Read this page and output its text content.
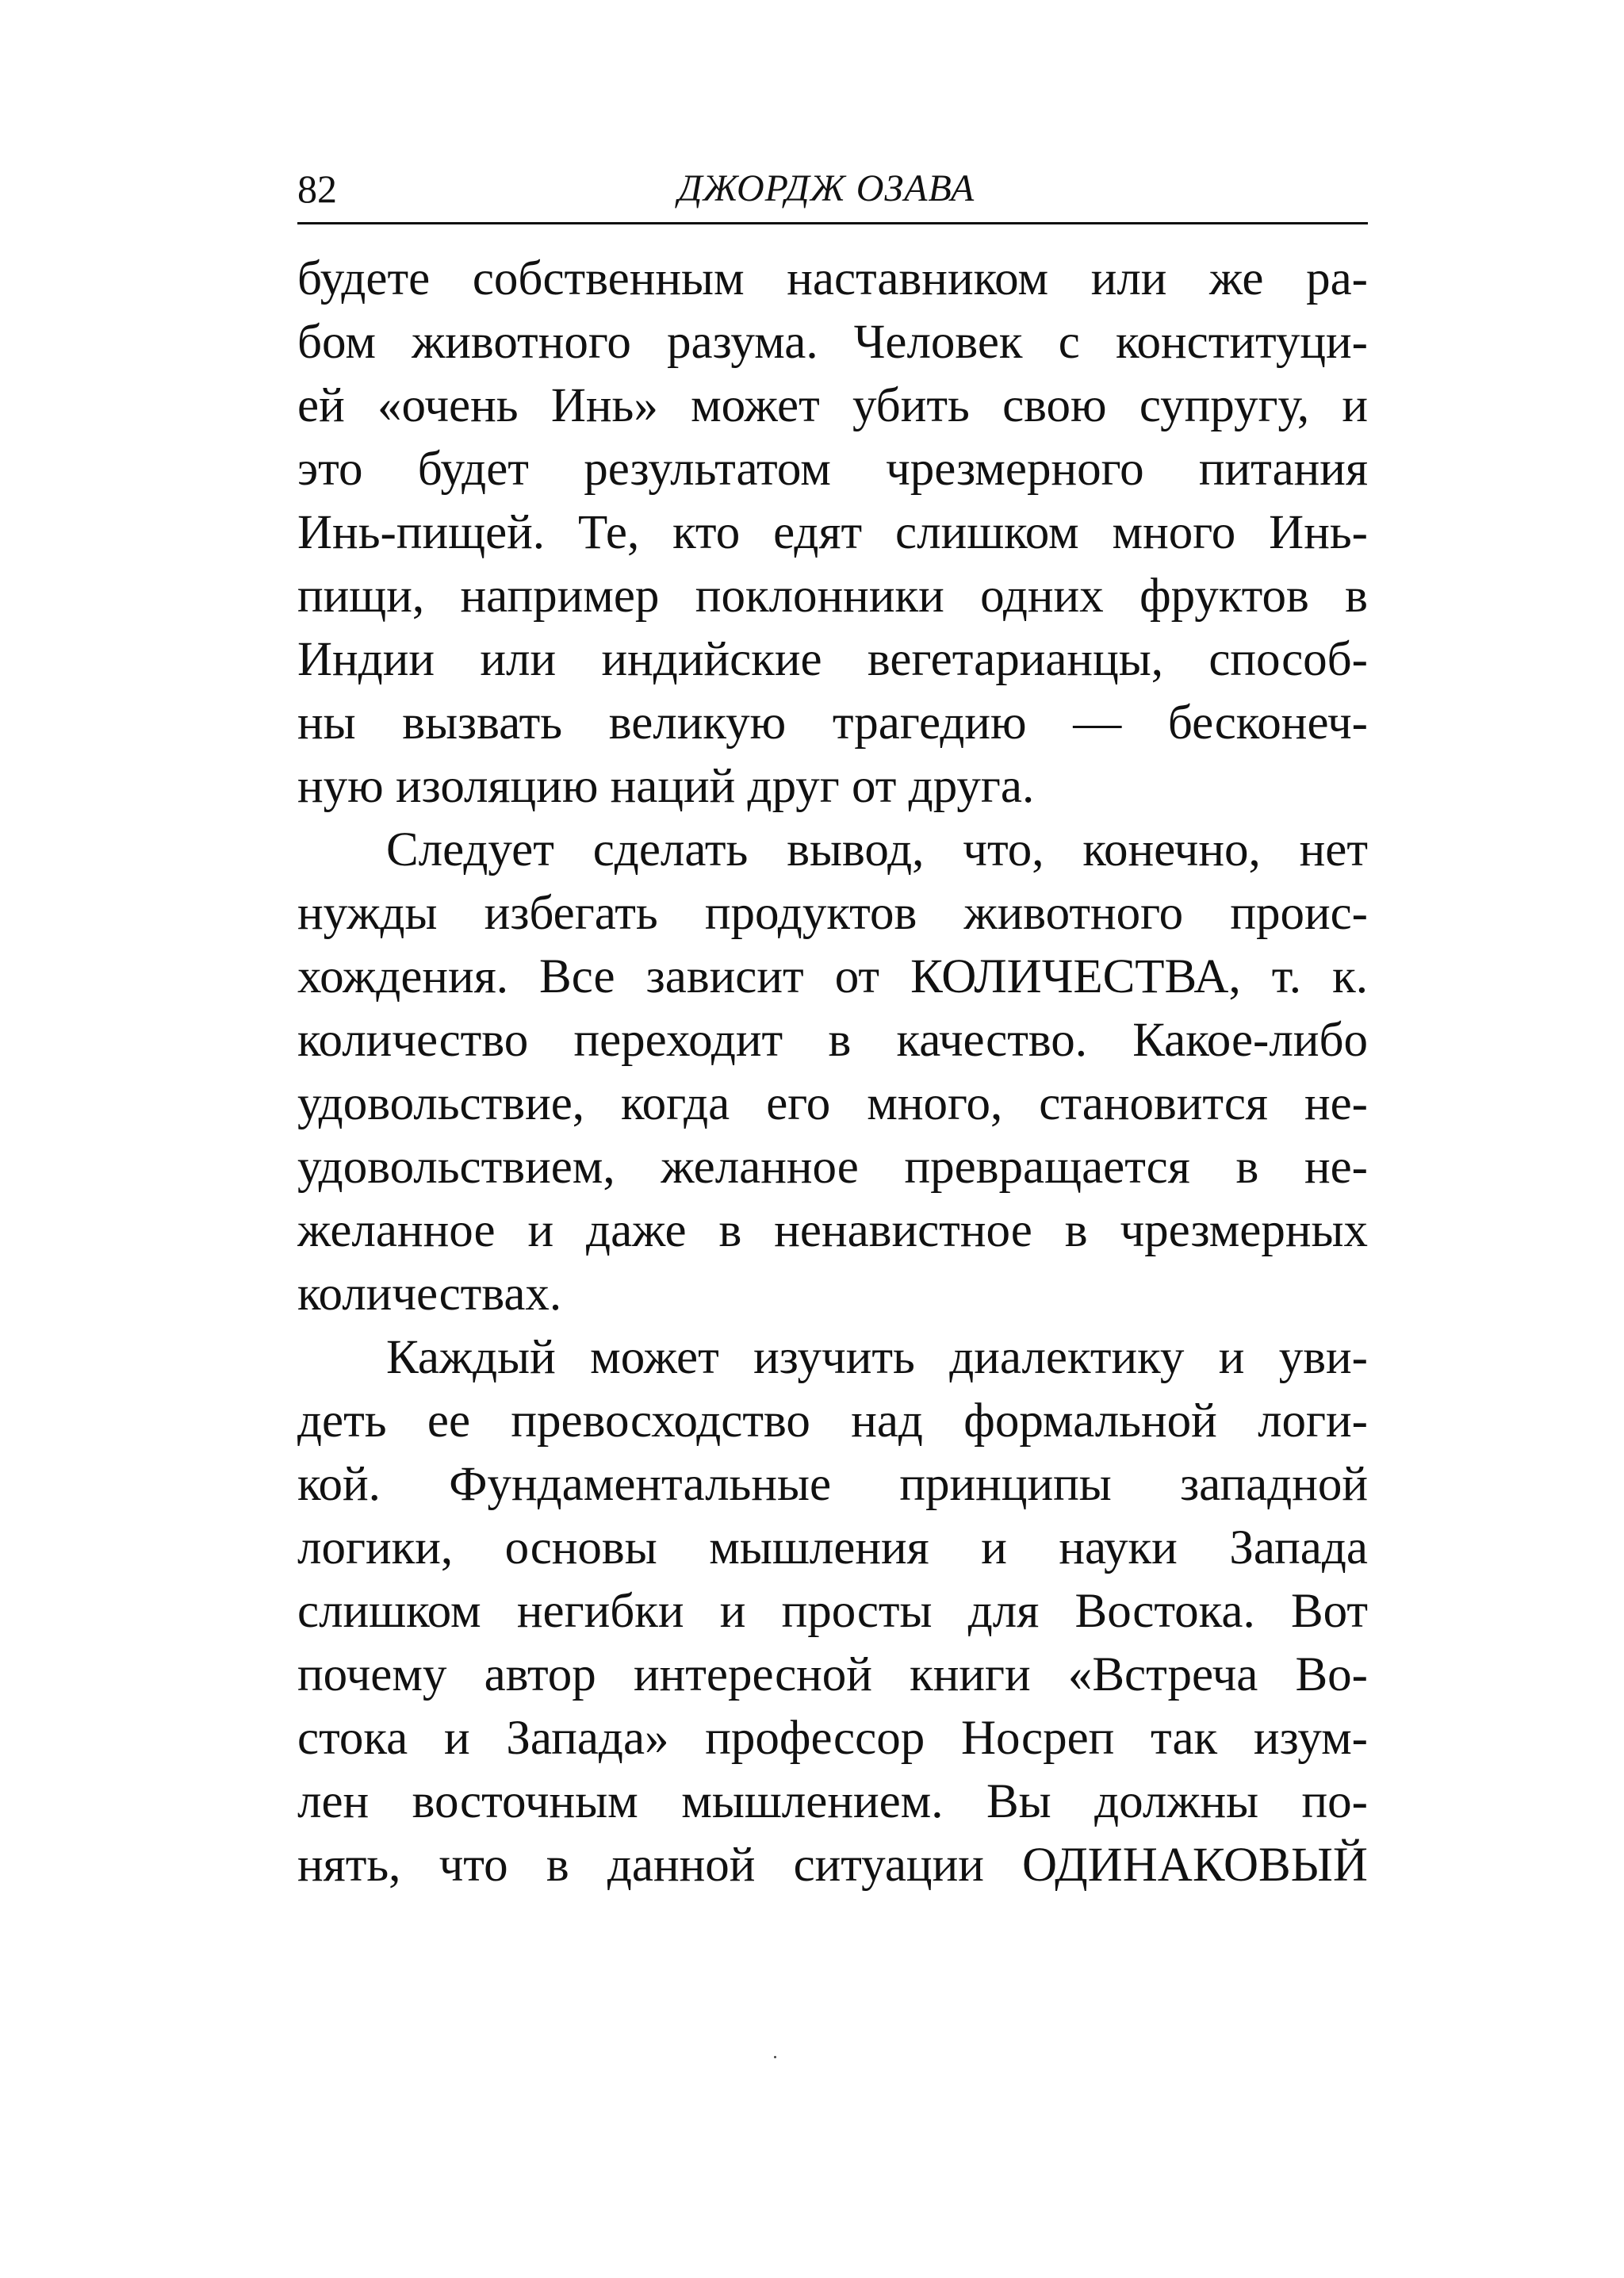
82	ДЖОРДЖ ОЗАВА
будете собственным наставником или же ра-
бом животного разума. Человек с конституци-
ей «очень Инь» может убить свою супругу, и
это будет результатом чрезмерного питания
Инь-пищей. Те, кто едят слишком много Инь-
пищи, например поклонники одних фруктов в
Индии или индийские вегетарианцы, способ-
ны вызвать великую трагедию — бесконеч-
ную изоляцию наций друг от друга.
Следует сделать вывод, что, конечно, нет
нужды избегать продуктов животного проис-
хождения. Все зависит от КОЛИЧЕСТВА, т. к.
количество переходит в качество. Какое-либо
удовольствие, когда его много, становится не-
удовольствием, желанное превращается в не-
желанное и даже в ненавистное в чрезмерных
количествах.
Каждый может изучить диалектику и уви-
деть ее превосходство над формальной логи-
кой. Фундаментальные принципы западной
логики, основы мышления и науки Запада
слишком негибки и просты для Востока. Вот
почему автор интересной книги «Встреча Во-
стока и Запада» профессор Носреп так изум-
лен восточным мышлением. Вы должны по-
нять, что в данной ситуации ОДИНАКОВЫЙ
